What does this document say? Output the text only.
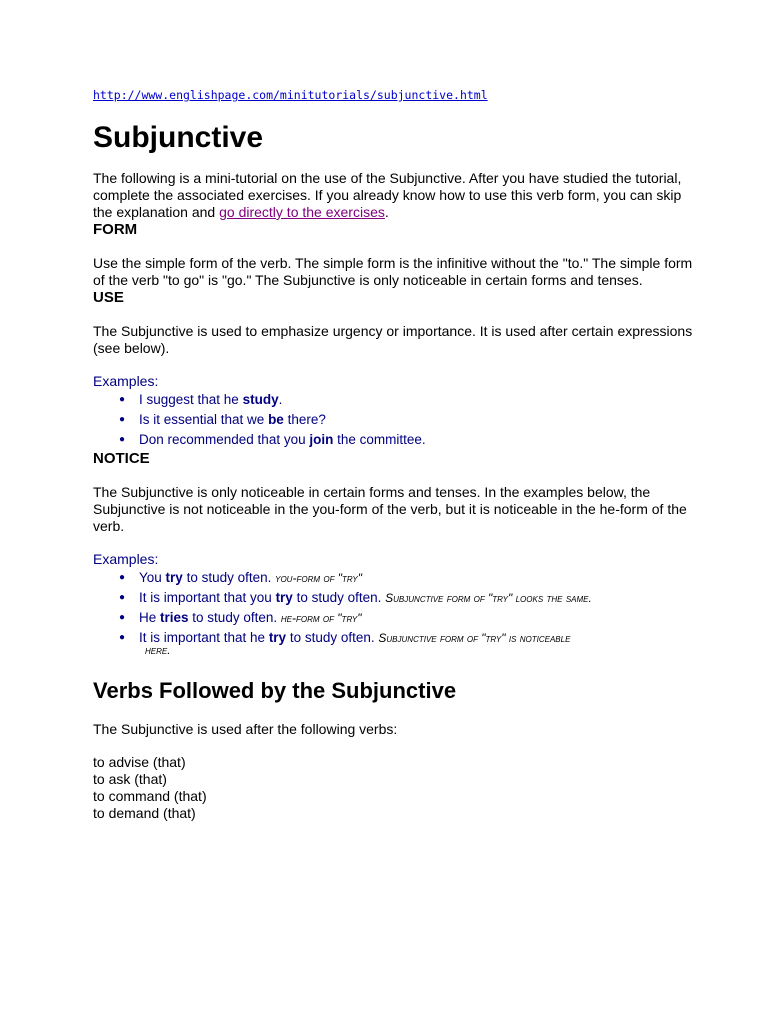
http://www.englishpage.com/minitutorials/subjunctive.html
Subjunctive

The following is a mini-tutorial on the use of the Subjunctive. After you have studied the tutorial, complete the associated exercises. If you already know how to use this verb form, you can skip the explanation and go directly to the exercises.

FORM

Use the simple form of the verb. The simple form is the infinitive without the "to." The simple form of the verb "to go" is "go." The Subjunctive is only noticeable in certain forms and tenses.

USE

The Subjunctive is used to emphasize urgency or importance. It is used after certain expressions (see below).

Examples:
● I suggest that he study.
● Is it essential that we be there?
● Don recommended that you join the committee.
NOTICE

The Subjunctive is only noticeable in certain forms and tenses. In the examples below, the Subjunctive is not noticeable in the you-form of the verb, but it is noticeable in the he-form of the verb.

Examples:
● You try to study often. you-form of "try"
● It is important that you try to study often. Subjunctive form of "try" looks the same.
● He tries to study often. he-form of "try"
● It is important that he try to study often. Subjunctive form of "try" is noticeable
here.
Verbs Followed by the Subjunctive

The Subjunctive is used after the following verbs:

to advise (that)
to ask (that)
to command (that)
to demand (that)
